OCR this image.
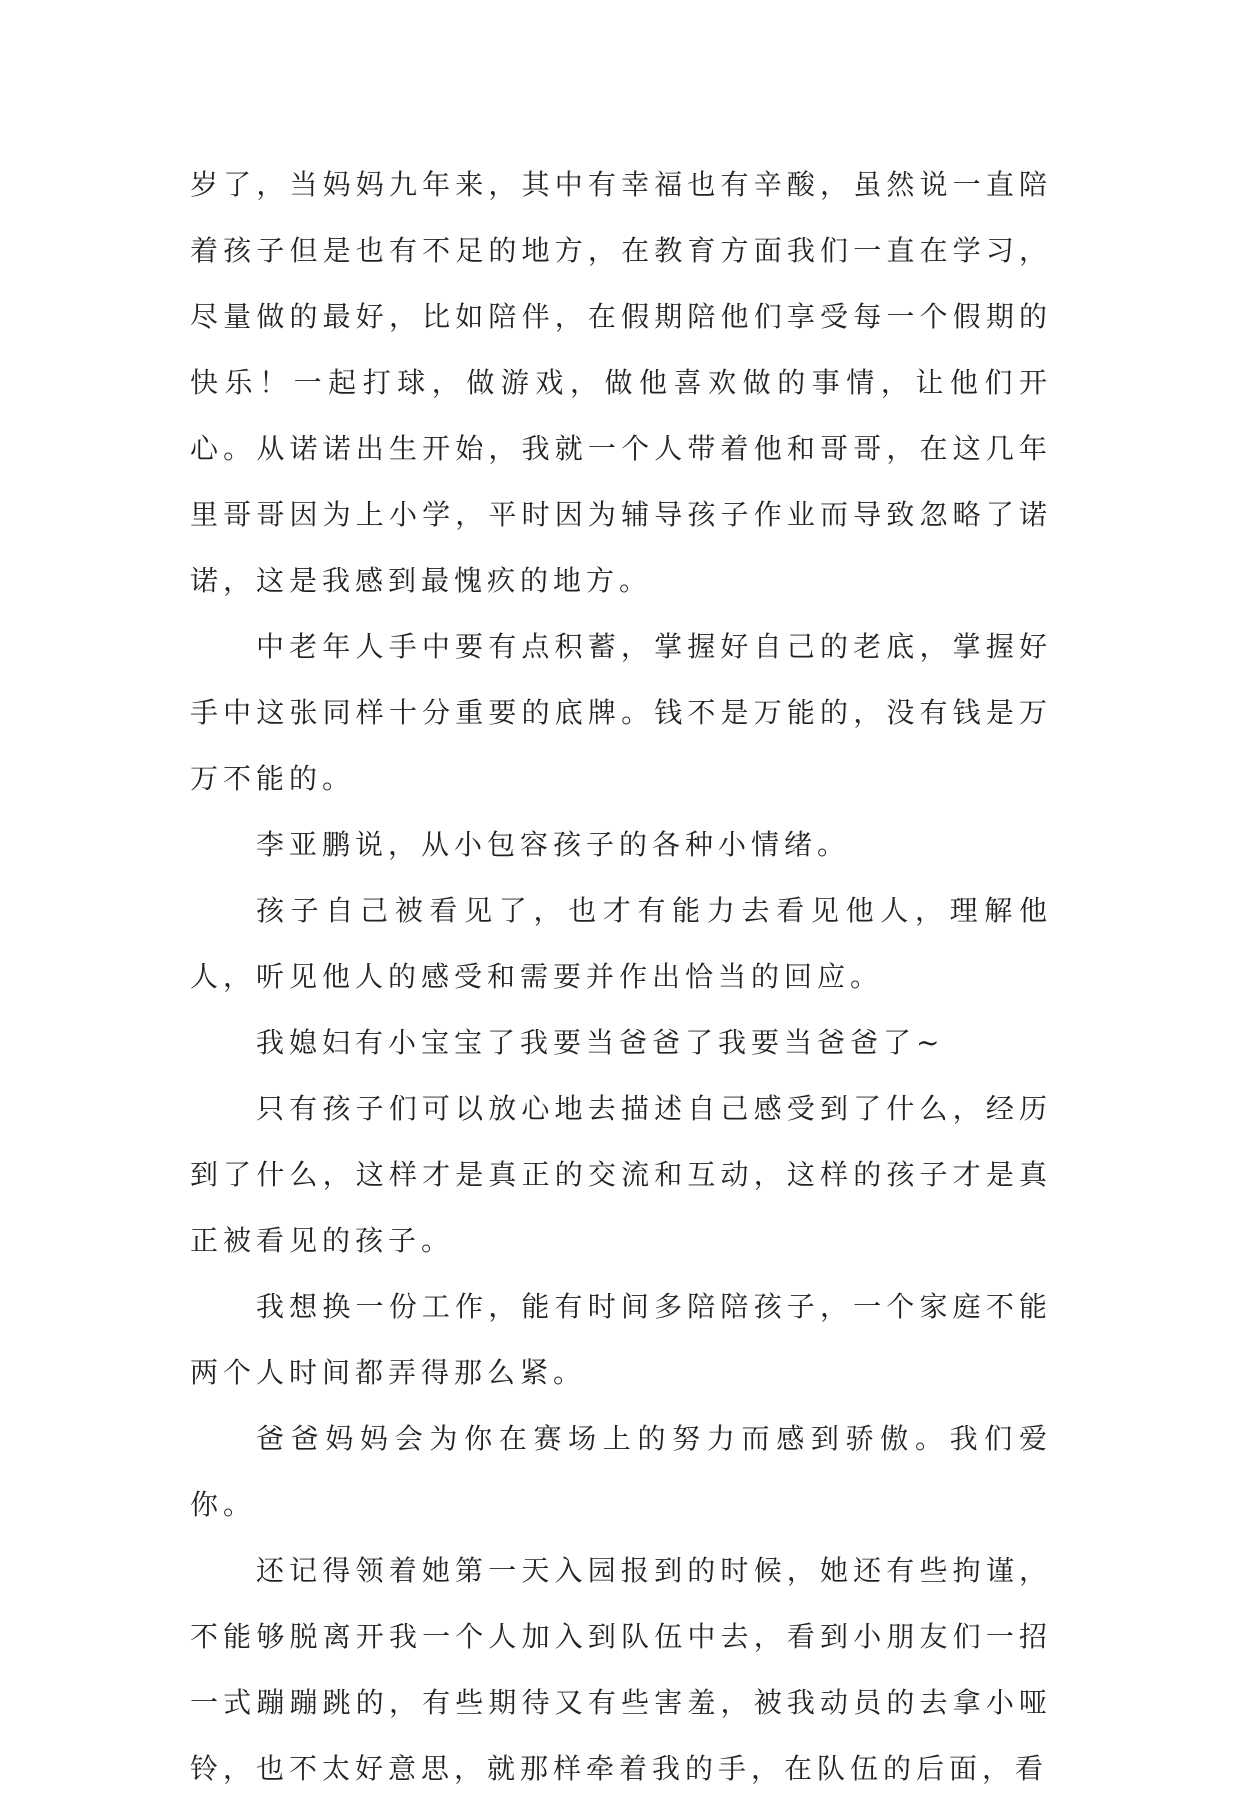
岁了，当妈妈九年来，其中有幸福也有辛酸，虽然说一直陪着孩子但是也有不足的地方，在教育方面我们一直在学习，尽量做的最好，比如陪伴，在假期陪他们享受每一个假期的快乐！一起打球，做游戏，做他喜欢做的事情，让他们开心。从诺诺出生开始，我就一个人带着他和哥哥，在这几年里哥哥因为上小学，平时因为辅导孩子作业而导致忽略了诺诺，这是我感到最愧疚的地方。

中老年人手中要有点积蓄，掌握好自己的老底，掌握好手中这张同样十分重要的底牌。钱不是万能的，没有钱是万万不能的。

李亚鹏说，从小包容孩子的各种小情绪。

孩子自己被看见了，也才有能力去看见他人，理解他人，听见他人的感受和需要并作出恰当的回应。

我媳妇有小宝宝了我要当爸爸了我要当爸爸了~

只有孩子们可以放心地去描述自己感受到了什么，经历到了什么，这样才是真正的交流和互动，这样的孩子才是真正被看见的孩子。

我想换一份工作，能有时间多陪陪孩子，一个家庭不能两个人时间都弄得那么紧。

爸爸妈妈会为你在赛场上的努力而感到骄傲。我们爱你。

还记得领着她第一天入园报到的时候，她还有些拘谨，不能够脱离开我一个人加入到队伍中去，看到小朋友们一招一式蹦蹦跳的，有些期待又有些害羞，被我动员的去拿小哑铃，也不太好意思，就那样牵着我的手，在队伍的后面，看
